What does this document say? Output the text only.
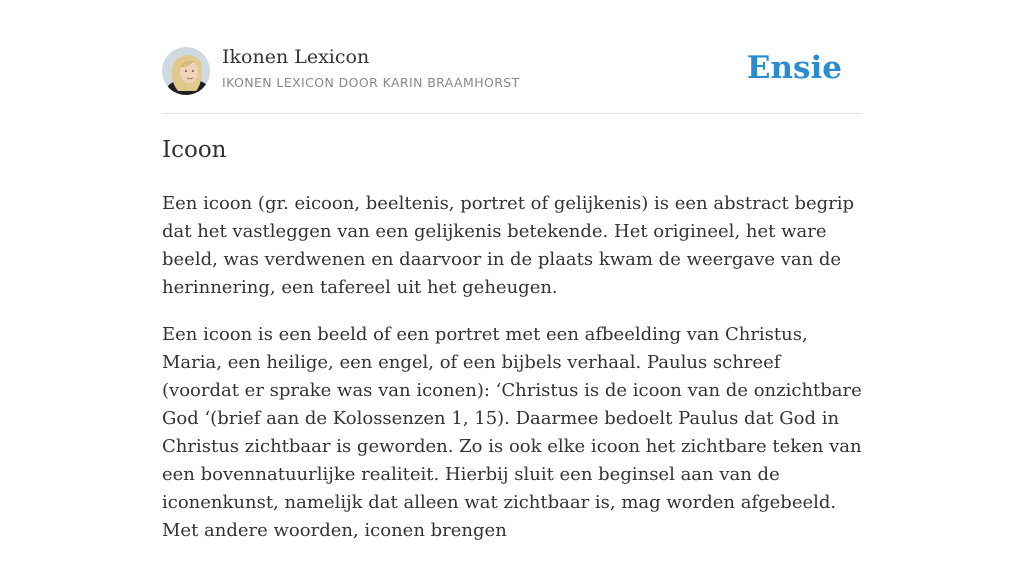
Ikonen Lexicon
IKONEN LEXICON DOOR KARIN BRAAMHORST	Ensie
Icoon

Een icoon (gr. eicoon, beeltenis, portret of gelijkenis) is een abstract begrip dat het vastleggen van een gelijkenis betekende. Het origineel, het ware beeld, was verdwenen en daarvoor in de plaats kwam de weergave van de herinnering, een tafereel uit het geheugen.

Een icoon is een beeld of een portret met een afbeelding van Christus, Maria, een heilige, een engel, of een bijbels verhaal. Paulus schreef (voordat er sprake was van iconen): ‘Christus is de icoon van de onzichtbare God ‘(brief aan de Kolossenzen 1, 15). Daarmee bedoelt Paulus dat God in Christus zichtbaar is geworden. Zo is ook elke icoon het zichtbare teken van een bovennatuurlijke realiteit. Hierbij sluit een beginsel aan van de iconenkunst, namelijk dat alleen wat zichtbaar is, mag worden afgebeeld. Met andere woorden, iconen brengen
